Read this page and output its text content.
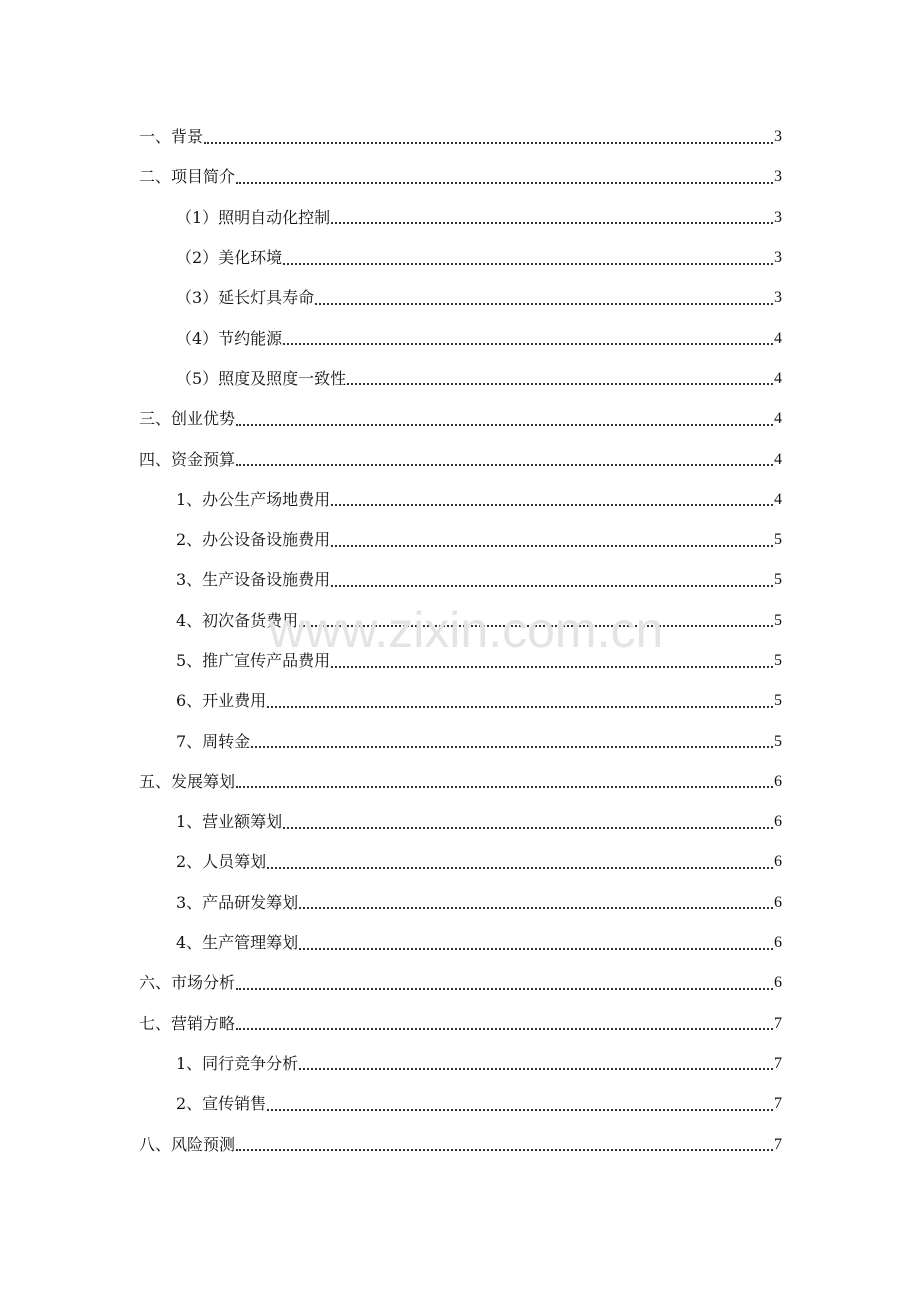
一、背景	3
二、项目简介	3
（1）照明自动化控制	3
（2）美化环境	3
（3）延长灯具寿命	3
（4）节约能源	4
（5）照度及照度一致性	4
三、创业优势	4
四、资金预算	4
1、办公生产场地费用	4
2、办公设备设施费用	5
3、生产设备设施费用	5
4、初次备货费用	5
5、推广宣传产品费用	5
6、开业费用	5
7、周转金	5
五、发展筹划	6
1、营业额筹划	6
2、人员筹划	6
3、产品研发筹划	6
4、生产管理筹划	6
六、市场分析	6
七、营销方略	7
1、同行竞争分析	7
2、宣传销售	7
八、风险预测	7
www.zixin.com.cn
